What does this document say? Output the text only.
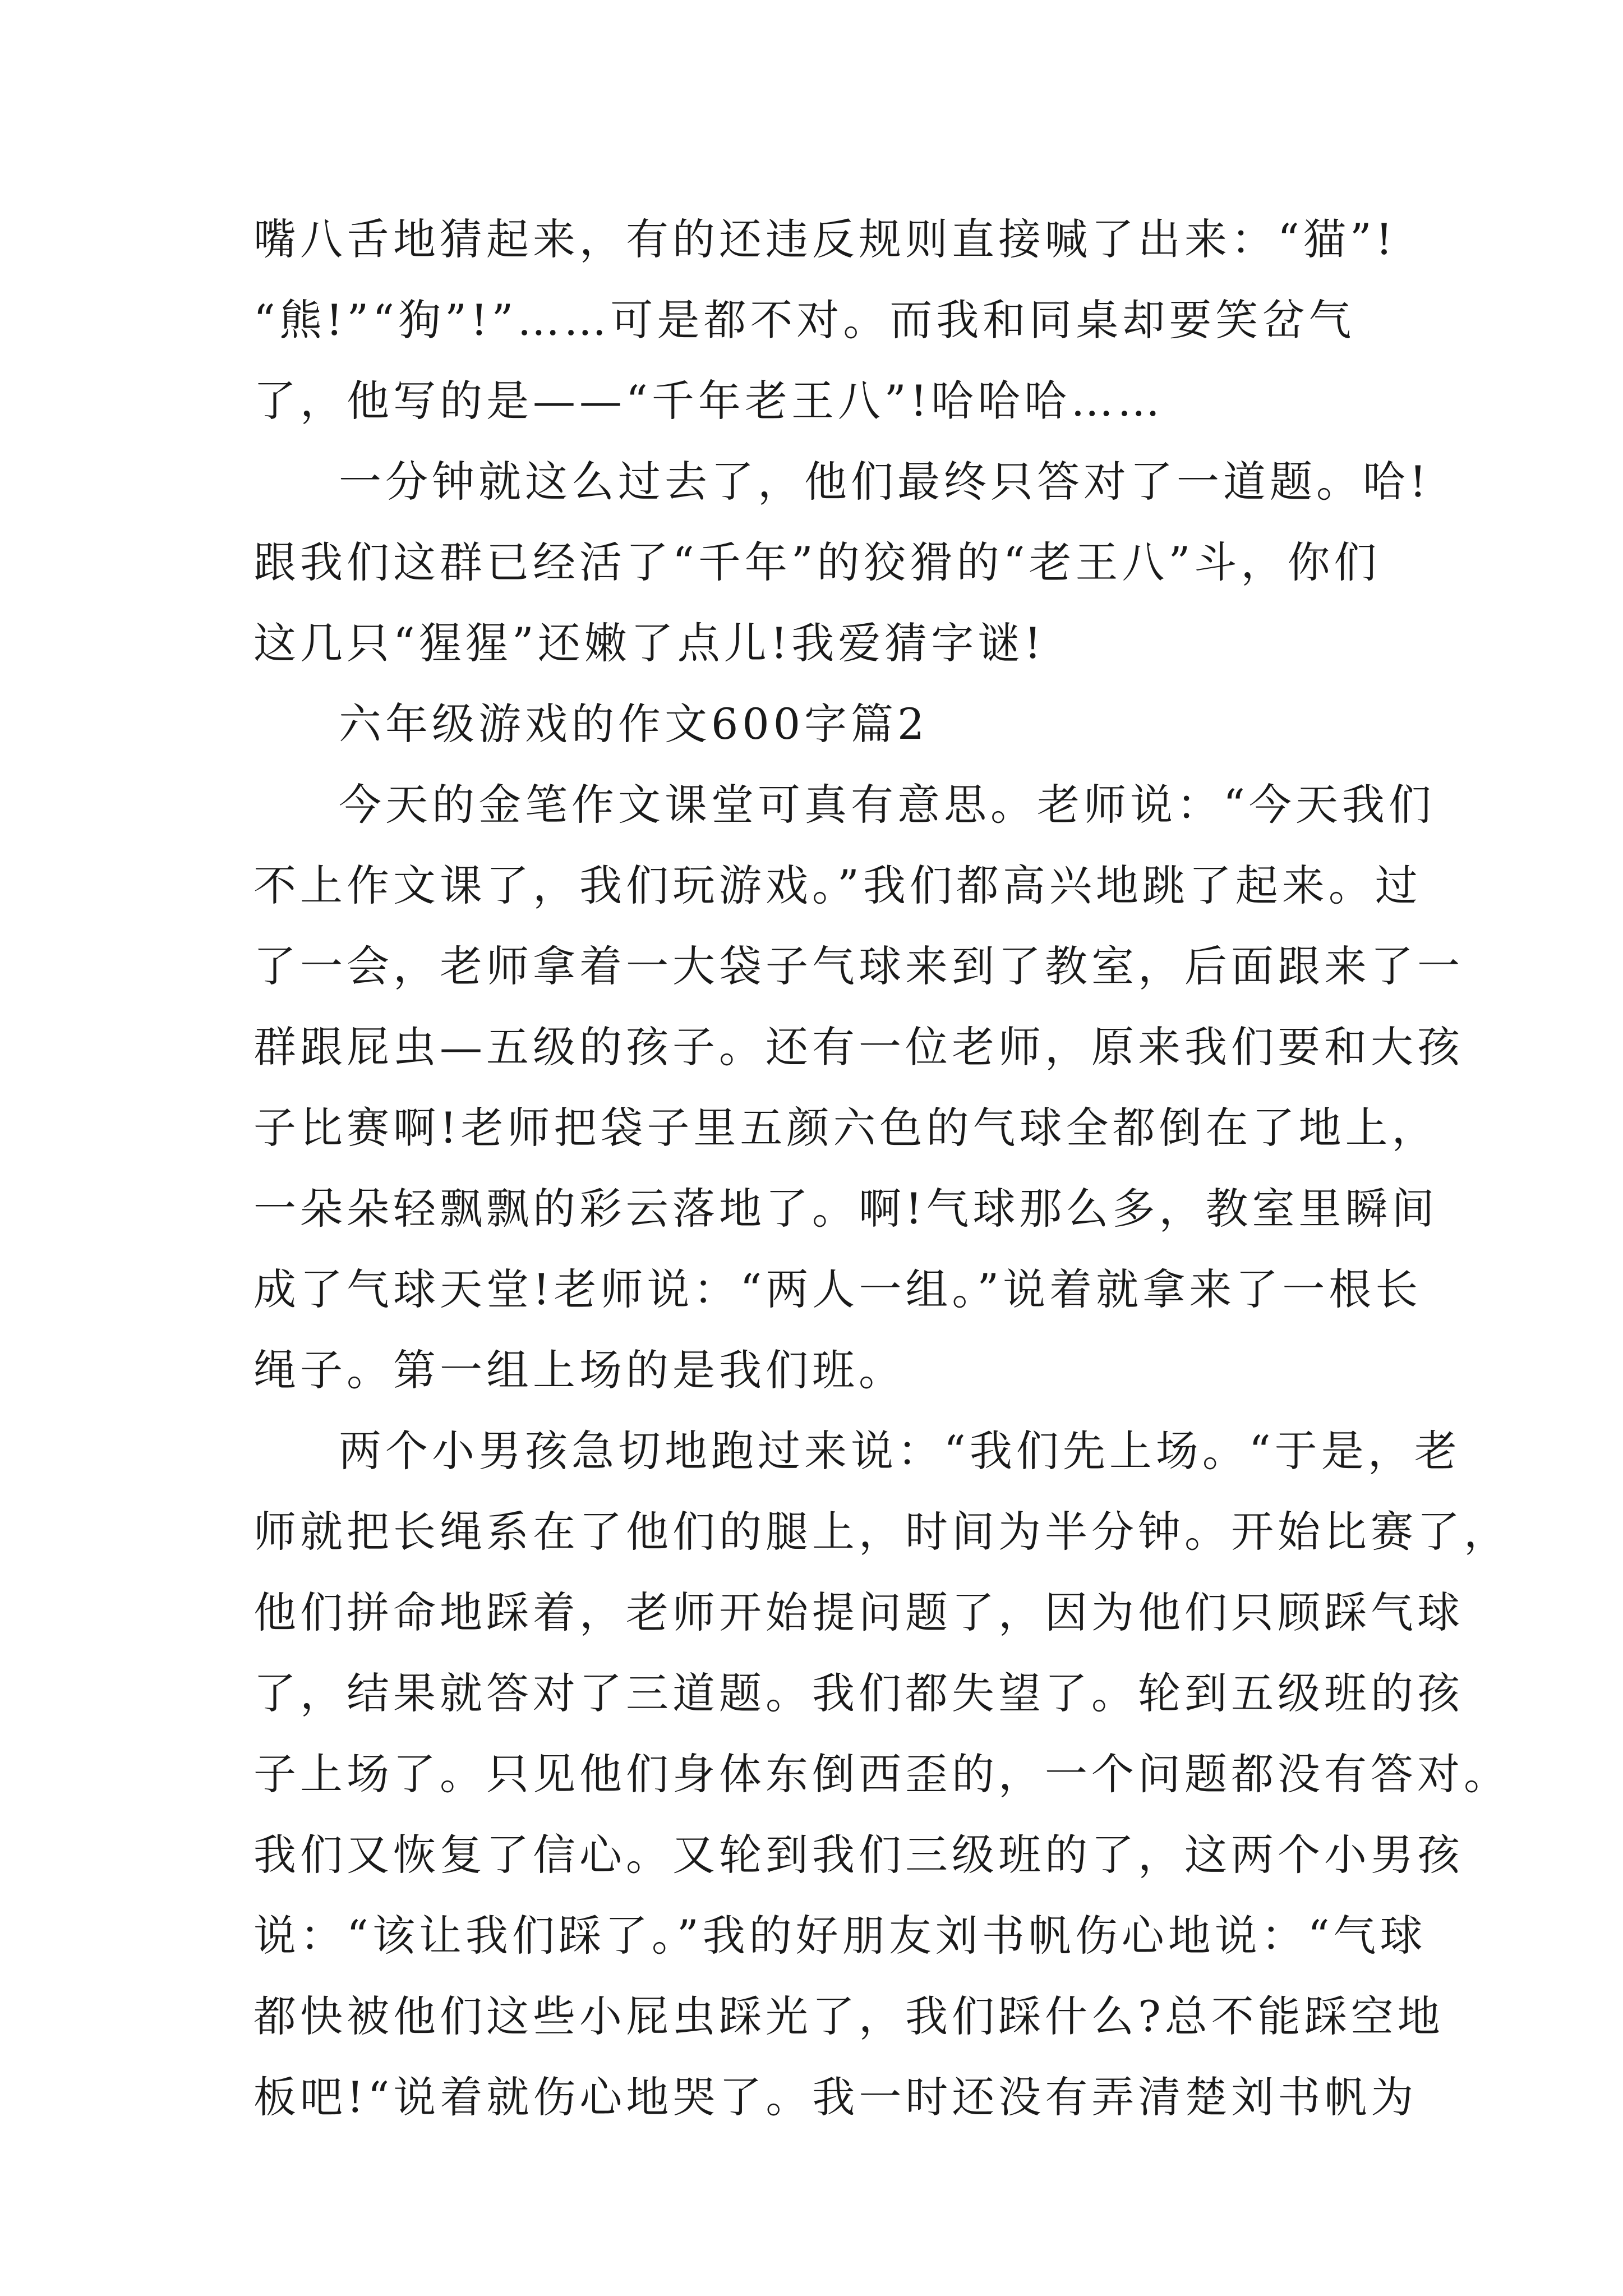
嘴八舌地猜起来，有的还违反规则直接喊了出来：“猫”!
“熊!”“狗”!”……可是都不对。而我和同桌却要笑岔气
了，他写的是——“千年老王八”!哈哈哈……
一分钟就这么过去了，他们最终只答对了一道题。哈!
跟我们这群已经活了“千年”的狡猾的“老王八”斗，你们
这几只“猩猩”还嫩了点儿!我爱猜字谜!
六年级游戏的作文600字篇2
今天的金笔作文课堂可真有意思。老师说：“今天我们
不上作文课了，我们玩游戏。”我们都高兴地跳了起来。过
了一会，老师拿着一大袋子气球来到了教室，后面跟来了一
群跟屁虫—五级的孩子。还有一位老师，原来我们要和大孩
子比赛啊!老师把袋子里五颜六色的气球全都倒在了地上，
一朵朵轻飘飘的彩云落地了。啊!气球那么多，教室里瞬间
成了气球天堂!老师说：“两人一组。”说着就拿来了一根长
绳子。第一组上场的是我们班。
两个小男孩急切地跑过来说：“我们先上场。“于是，老
师就把长绳系在了他们的腿上，时间为半分钟。开始比赛了，
他们拼命地踩着，老师开始提问题了，因为他们只顾踩气球
了，结果就答对了三道题。我们都失望了。轮到五级班的孩
子上场了。只见他们身体东倒西歪的，一个问题都没有答对。
我们又恢复了信心。又轮到我们三级班的了，这两个小男孩
说：“该让我们踩了。”我的好朋友刘书帆伤心地说：“气球
都快被他们这些小屁虫踩光了，我们踩什么?总不能踩空地
板吧!“说着就伤心地哭了。我一时还没有弄清楚刘书帆为
